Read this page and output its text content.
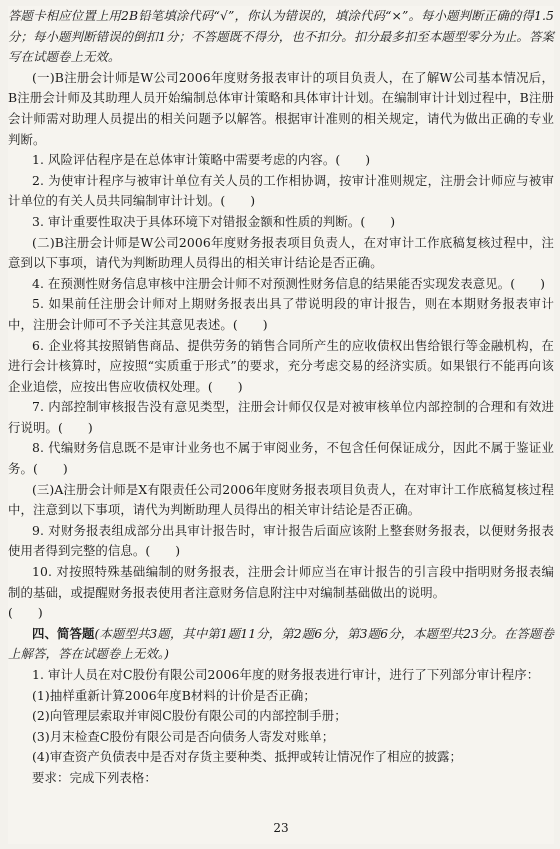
答题卡相应位置上用2B铅笔填涂代码“√”，你认为错误的，填涂代码“×”。每小题判断正确的得1.5分；每小题判断错误的倒扣1分；不答题既不得分，也不扣分。扣分最多扣至本题型零分为止。答案写在试题卷上无效。

(一)B注册会计师是W公司2006年度财务报表审计的项目负责人，在了解W公司基本情况后，B注册会计师及其助理人员开始编制总体审计策略和具体审计计划。在编制审计计划过程中，B注册会计师需对助理人员提出的相关问题予以解答。根据审计准则的相关规定，请代为做出正确的专业判断。

1. 风险评估程序是在总体审计策略中需要考虑的内容。(　　)

2. 为使审计程序与被审计单位有关人员的工作相协调，按审计准则规定，注册会计师应与被审计单位的有关人员共同编制审计计划。(　　)

3. 审计重要性取决于具体环境下对错报金额和性质的判断。(　　)

(二)B注册会计师是W公司2006年度财务报表项目负责人，在对审计工作底稿复核过程中，注意到以下事项，请代为判断助理人员得出的相关审计结论是否正确。

4. 在预测性财务信息审核中注册会计师不对预测性财务信息的结果能否实现发表意见。(　　)

5. 如果前任注册会计师对上期财务报表出具了带说明段的审计报告，则在本期财务报表审计中，注册会计师可不予关注其意见表述。(　　)

6. 企业将其按照销售商品、提供劳务的销售合同所产生的应收债权出售给银行等金融机构，在进行会计核算时，应按照“实质重于形式”的要求，充分考虑交易的经济实质。如果银行不能再向该企业追偿，应按出售应收债权处理。(　　)

7. 内部控制审核报告没有意见类型，注册会计师仅仅是对被审核单位内部控制的合理和有效进行说明。(　　)

8. 代编财务信息既不是审计业务也不属于审阅业务，不包含任何保证成分，因此不属于鉴证业务。(　　)

(三)A注册会计师是X有限责任公司2006年度财务报表项目负责人，在对审计工作底稿复核过程中，注意到以下事项，请代为判断助理人员得出的相关审计结论是否正确。

9. 对财务报表组成部分出具审计报告时，审计报告后面应该附上整套财务报表，以便财务报表使用者得到完整的信息。(　　)

10. 对按照特殊基础编制的财务报表，注册会计师应当在审计报告的引言段中指明财务报表编制的基础，或提醒财务报表使用者注意财务信息附注中对编制基础做出的说明。
(　　)

四、简答题(本题型共3题，其中第1题11分，第2题6分，第3题6分，本题型共23分。在答题卷上解答，答在试题卷上无效。)

1. 审计人员在对C股份有限公司2006年度的财务报表进行审计，进行了下列部分审计程序：

(1)抽样重新计算2006年度B材料的计价是否正确；

(2)向管理层索取并审阅C股份有限公司的内部控制手册；

(3)月末检查C股份有限公司是否向债务人寄发对账单；

(4)审查资产负债表中是否对存货主要种类、抵押或转让情况作了相应的披露；

要求：完成下列表格：

23
